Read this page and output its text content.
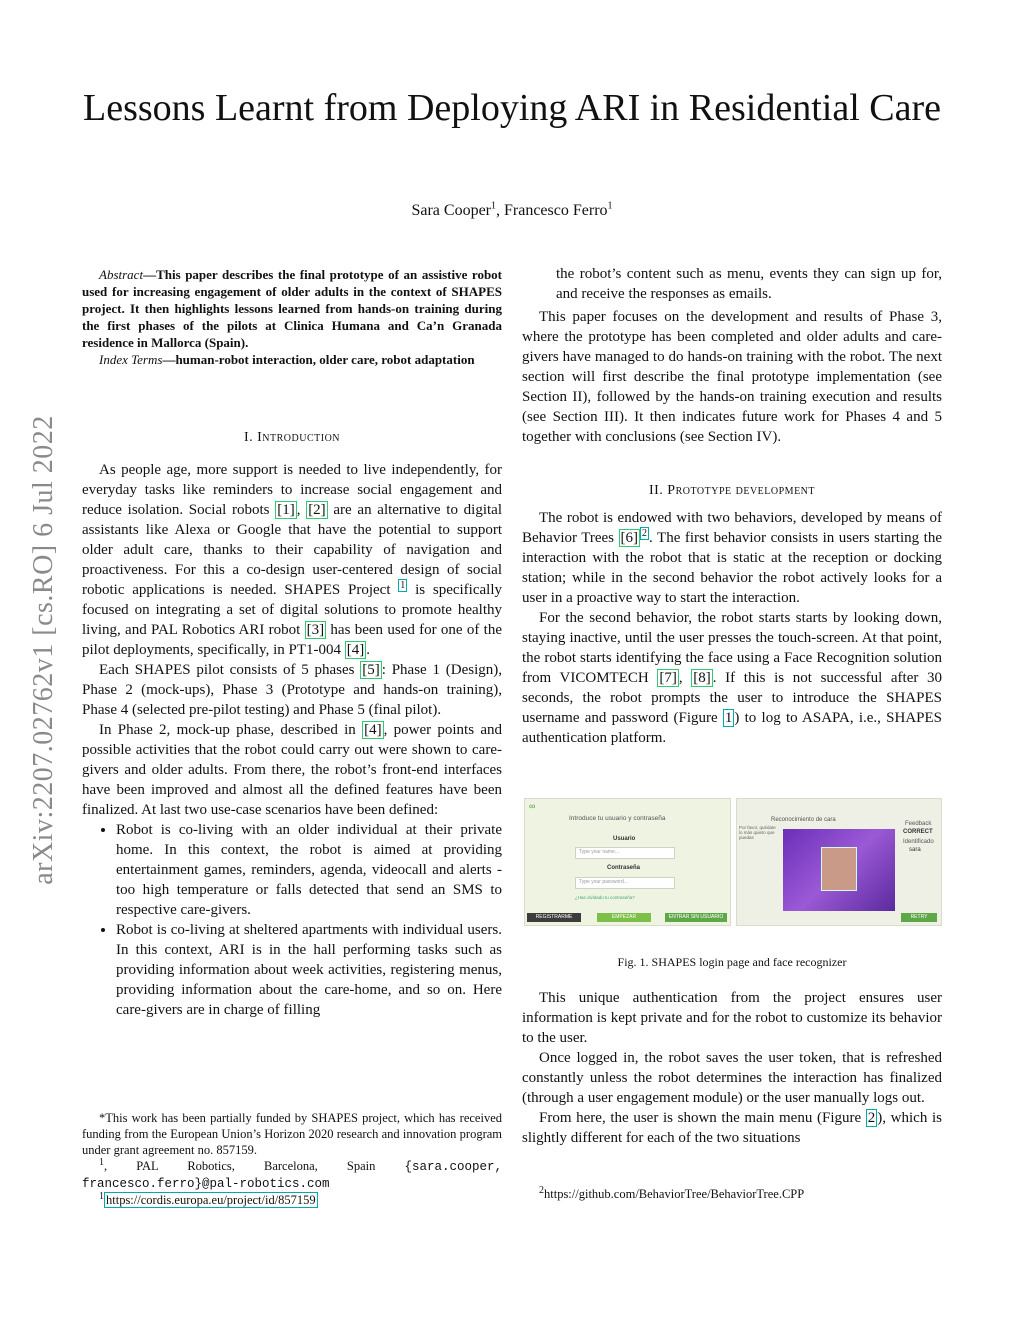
Lessons Learnt from Deploying ARI in Residential Care
Sara Cooper$^1$, Francesco Ferro$^1$
arXiv:2207.02762v1 [cs.RO] 6 Jul 2022

Abstract—This paper describes the final prototype of an assistive robot used for increasing engagement of older adults in the context of SHAPES project. It then highlights lessons learned from hands-on training during the first phases of the pilots at Clinica Humana and Ca’n Granada residence in Mallorca (Spain).

Index Terms—human-robot interaction, older care, robot adaptation

I. Introduction

As people age, more support is needed to live independently, for everyday tasks like reminders to increase social engagement and reduce isolation. Social robots [1] , [2] are an alternative to digital assistants like Alexa or Google that have the potential to support older adult care, thanks to their capability of navigation and proactiveness. For this a co-design user-centered design of social robotic applications is needed. SHAPES Project $^1$ is specifically focused on integrating a set of digital solutions to promote healthy living, and PAL Robotics ARI robot [3] has been used for one of the pilot deployments, specifically, in PT1-004 [4] .

Each SHAPES pilot consists of 5 phases [5] : Phase 1 (Design), Phase 2 (mock-ups), Phase 3 (Prototype and hands-on training), Phase 4 (selected pre-pilot testing) and Phase 5 (final pilot).

In Phase 2, mock-up phase, described in [4] , power points and possible activities that the robot could carry out were shown to care-givers and older adults. From there, the robot’s front-end interfaces have been improved and almost all the defined features have been finalized. At last two use-case scenarios have been defined:

• Robot is co-living with an older individual at their private home. In this context, the robot is aimed at providing entertainment games, reminders, agenda, videocall and alerts - too high temperature or falls detected that send an SMS to respective care-givers.
• Robot is co-living at sheltered apartments with individual users. In this context, ARI is in the hall performing tasks such as providing information about week activities, registering menus, providing information about the care-home, and so on. Here care-givers are in charge of filling

*This work has been partially funded by SHAPES project, which has received funding from the European Union’s Horizon 2020 research and innovation program under grant agreement no. 857159.

$^1$, PAL Robotics, Barcelona, Spain {sara.cooper, francesco.ferro}@pal-robotics.com

$^1$ https://cordis.europa.eu/project/id/857159

the robot’s content such as menu, events they can sign up for, and receive the responses as emails.

This paper focuses on the development and results of Phase 3, where the prototype has been completed and older adults and care-givers have managed to do hands-on training with the robot. The next section will first describe the final prototype implementation (see Section II), followed by the hands-on training execution and results (see Section III). It then indicates future work for Phases 4 and 5 together with conclusions (see Section IV).

II. Prototype development

The robot is endowed with two behaviors, developed by means of Behavior Trees [6] $^2$ . The first behavior consists in users starting the interaction with the robot that is static at the reception or docking station; while in the second behavior the robot actively looks for a user in a proactive way to start the interaction.

For the second behavior, the robot starts starts by looking down, staying inactive, until the user presses the touch-screen. At that point, the robot starts identifying the face using a Face Recognition solution from VICOMTECH [7] , [8] . If this is not successful after 30 seconds, the robot prompts the user to introduce the SHAPES username and password (Figure 1 ) to log to ASAPA, i.e., SHAPES authentication platform.

∞
Introduce tu usuario y contraseña
Usuario
Type your name...
Contraseña
Type your password...
¿Has olvidado tu contraseña?
REGISTRARME	EMPEZAR	ENTRAR SIN USUARIO
Reconocimiento de cara
Por favor, quédate lo más quieto que puedas
Feedback
CORRECT
Identificado
sara
RETRY
Fig. 1. SHAPES login page and face recognizer

This unique authentication from the project ensures user information is kept private and for the robot to customize its behavior to the user.

Once logged in, the robot saves the user token, that is refreshed constantly unless the robot determines the interaction has finalized (through a user engagement module) or the user manually logs out.

From here, the user is shown the main menu (Figure 2 ), which is slightly different for each of the two situations

$^2$https://github.com/BehaviorTree/BehaviorTree.CPP
